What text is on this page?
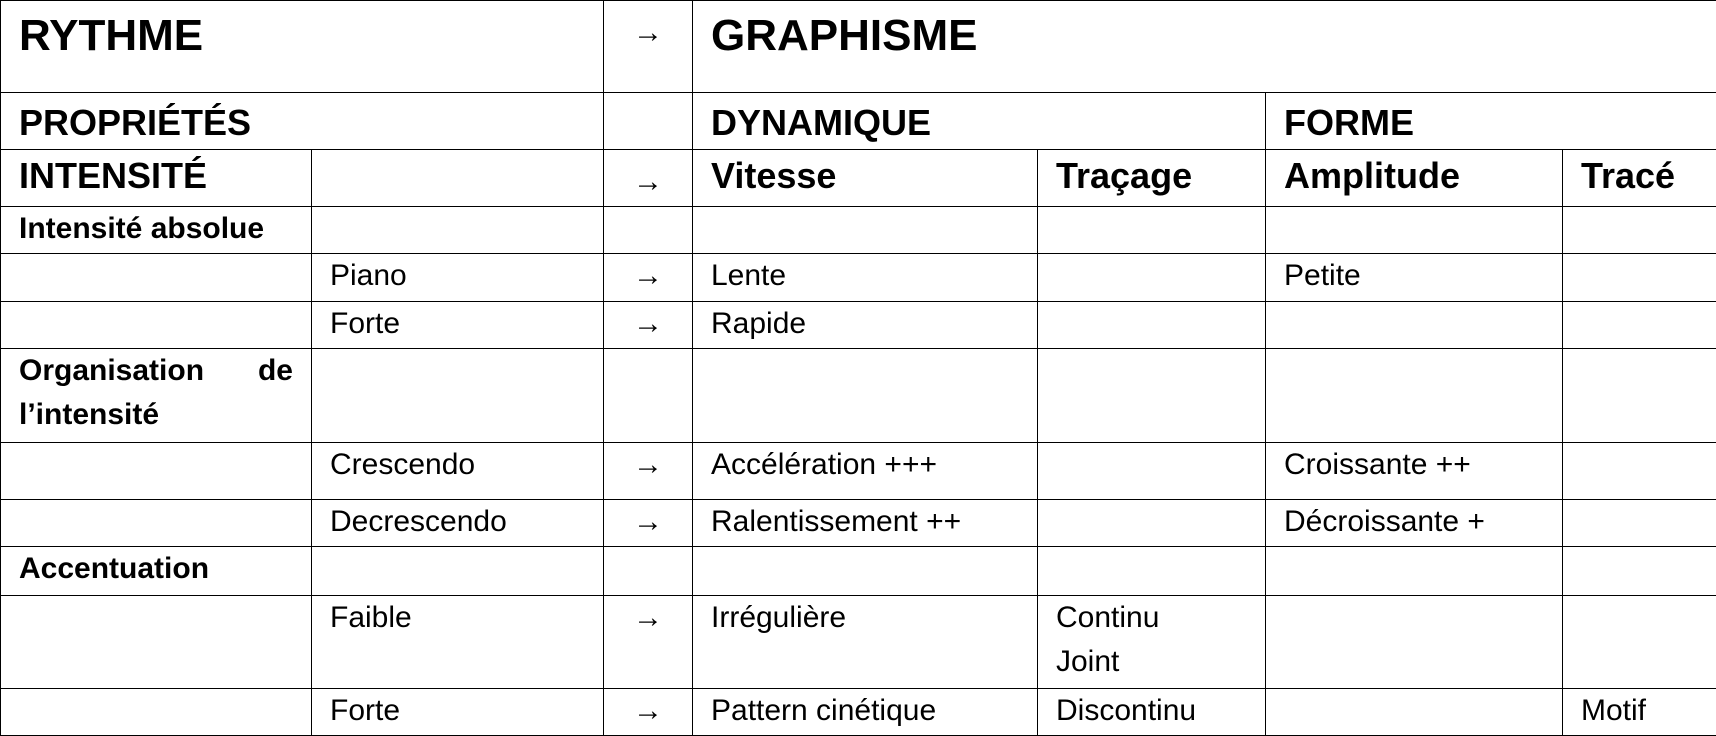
RYTHME		→	GRAPHISME			
PROPRIÉTÉS			DYNAMIQUE		FORME	
INTENSITÉ		→	Vitesse	Traçage	Amplitude	Tracé
Intensité absolue						
	Piano	→	Lente		Petite	
	Forte	→	Rapide			

Organisation de
l’intensité						

	Crescendo	→	Accélération +++		Croissante ++	
	Decrescendo	→	Ralentissement ++		Décroissante +	
Accentuation						
	Faible	→	Irrégulière	Continu
Joint		

	Forte	→	Pattern cinétique	Discontinu		Motif
